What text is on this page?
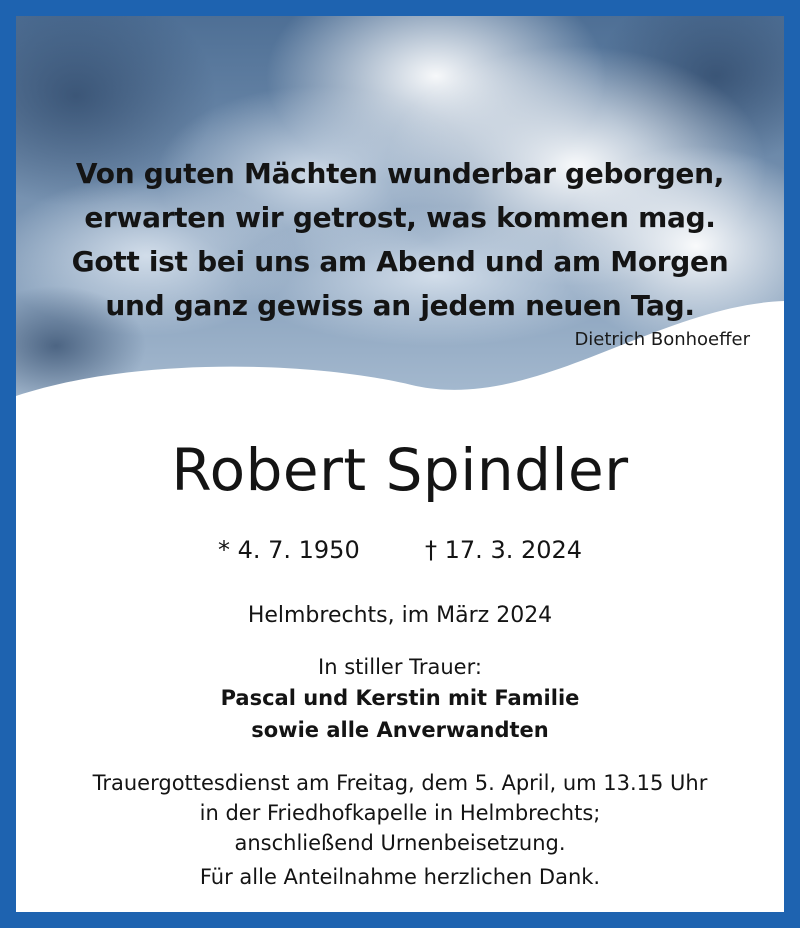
Von guten Mächten wunderbar geborgen,
erwarten wir getrost, was kommen mag.
Gott ist bei uns am Abend und am Morgen
und ganz gewiss an jedem neuen Tag.
Dietrich Bonhoeffer
Robert Spindler
* 4. 7. 1950	† 17. 3. 2024
Helmbrechts, im März 2024
In stiller Trauer:
Pascal und Kerstin mit Familie
sowie alle Anverwandten
Trauergottesdienst am Freitag, dem 5. April, um 13.15 Uhr
in der Friedhofkapelle in Helmbrechts;
anschließend Urnenbeisetzung.
Für alle Anteilnahme herzlichen Dank.
